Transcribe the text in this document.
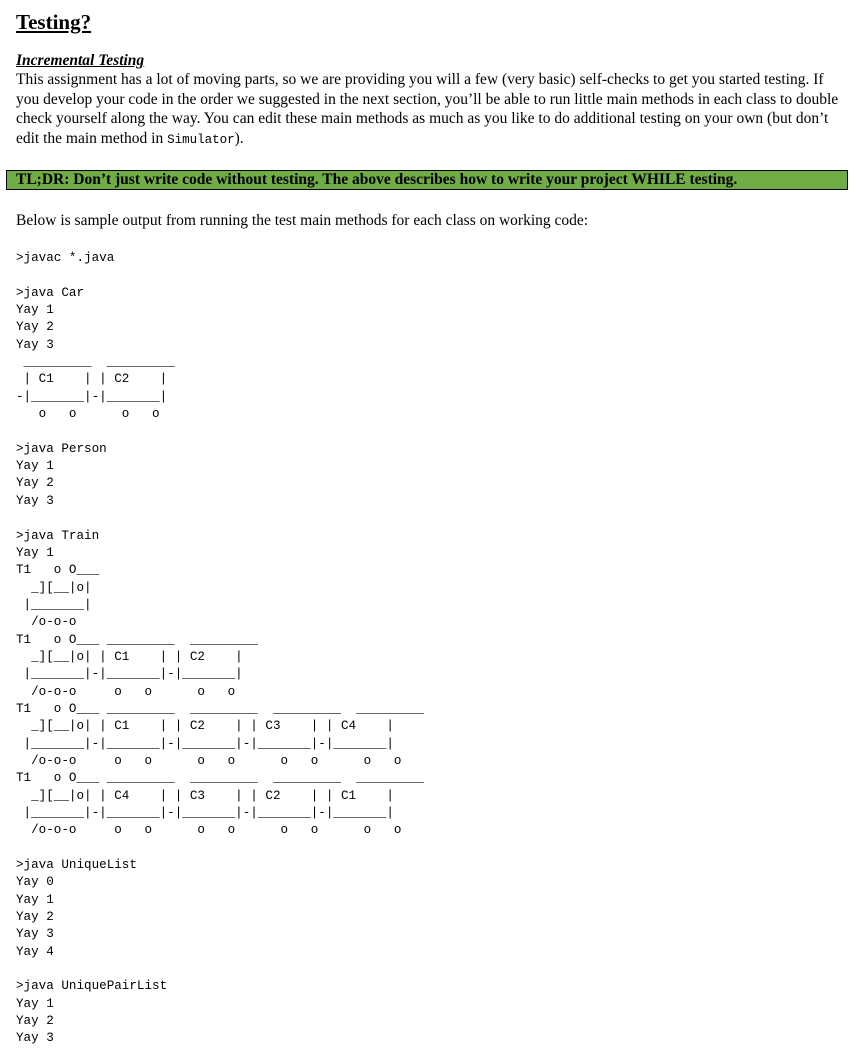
Testing?
Incremental Testing

This assignment has a lot of moving parts, so we are providing you will a few (very basic) self-checks to get you started testing. If you develop your code in the order we suggested in the next section, you’ll be able to run little main methods in each class to double check yourself along the way. You can edit these main methods as much as you like to do additional testing on your own (but don’t edit the main method in Simulator).

TL;DR: Don’t just write code without testing. The above describes how to write your project WHILE testing.
Below is sample output from running the test main methods for each class on working code:
>javac *.java

>java Car
Yay 1
Yay 2
Yay 3
_________  _________
| C1    | | C2    |
-|_______|-|_______|
o   o      o   o

>java Person
Yay 1
Yay 2
Yay 3

>java Train
Yay 1
T1   o O___
_][__|o|
|_______|
/o-o-o
T1   o O___ _________  _________
_][__|o| | C1    | | C2    |
|_______|-|_______|-|_______|
/o-o-o     o   o      o   o
T1   o O___ _________  _________  _________  _________
_][__|o| | C1    | | C2    | | C3    | | C4    |
|_______|-|_______|-|_______|-|_______|-|_______|
/o-o-o     o   o      o   o      o   o      o   o
T1   o O___ _________  _________  _________  _________
_][__|o| | C4    | | C3    | | C2    | | C1    |
|_______|-|_______|-|_______|-|_______|-|_______|
/o-o-o     o   o      o   o      o   o      o   o

>java UniqueList
Yay 0
Yay 1
Yay 2
Yay 3
Yay 4

>java UniquePairList
Yay 1
Yay 2
Yay 3
